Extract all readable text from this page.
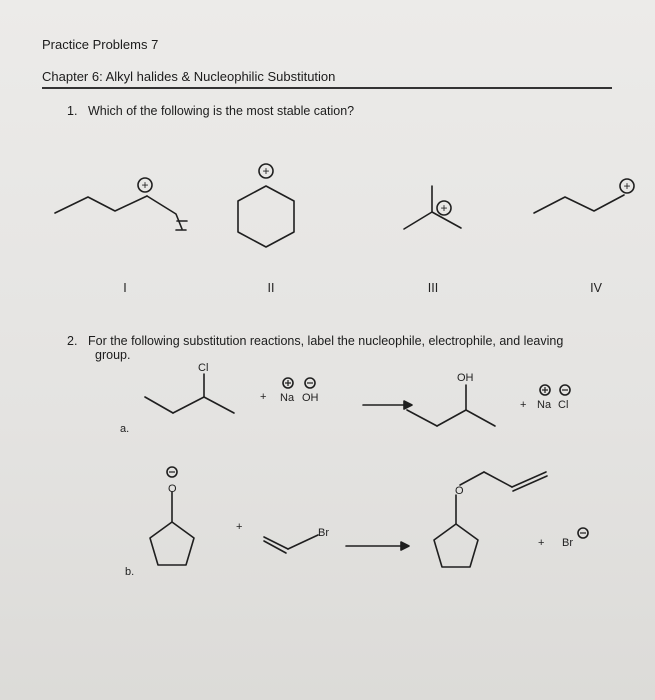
Practice Problems 7
Chapter 6: Alkyl halides & Nucleophilic Substitution
1. Which of the following is the most stable cation?
2. For the following substitution reactions, label the nucleophile, electrophile, and leaving
group.
+
+
+
+
I	II	III	IV
a.
Cl
+ Na OH
OH
+ Na Cl
b.
O
+	Br
O
+ Br
